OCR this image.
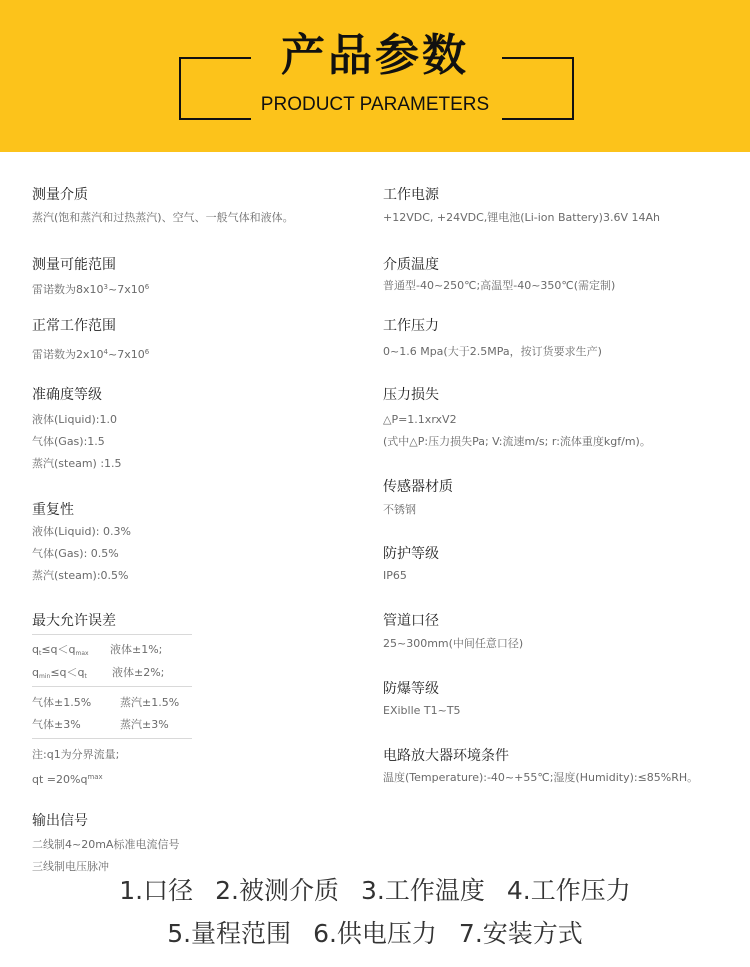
产品参数
PRODUCT PARAMETERS
测量介质
蒸汽(饱和蒸汽和过热蒸汽)、空气、一般气体和液体。
测量可能范围
雷诺数为$8x10^3\sim 7x10^6$
正常工作范围
雷诺数为$2x10^4\sim 7x10^6$
准确度等级
液体(Liquid):1.0
气体(Gas):1.5
蒸汽(steam) :1.5
重复性
液体(Liquid): 0.3%
气体(Gas): 0.5%
蒸汽(steam):0.5%
最大允许误差
$q_t\le q<q_{max}$ 液体±1%;
$q_{min}\le q<q_t$ 液体±2%;
气体±1.5%	蒸汽±1.5%
气体±3%	蒸汽±3%
注:q1为分界流量;
qt $=20\%q^{max}$
输出信号
二线制4~20mA标准电流信号
三线制电压脉冲
工作电源
+12VDC, +24VDC,锂电池(Li-ion Battery)3.6V 14Ah
介质温度
普通型-40~250℃;高温型-40~350℃(需定制)
工作压力
0~1.6 Mpa(大于2.5MPa，按订货要求生产)
压力损失
△P=1.1xrxV2
(式中△P:压力损失Pa; V:流速m/s; r:流体重度kgf/m)。
传感器材质
不锈钢
防护等级
IP65
管道口径
25~300mm(中间任意口径)
防爆等级
EXiblle T1~T5
电路放大器环境条件
温度(Temperature):-40~+55℃;湿度(Humidity):≤85%RH。
1.口径 2.被测介质 3.工作温度 4.工作压力
5.量程范围 6.供电压力 7.安装方式
